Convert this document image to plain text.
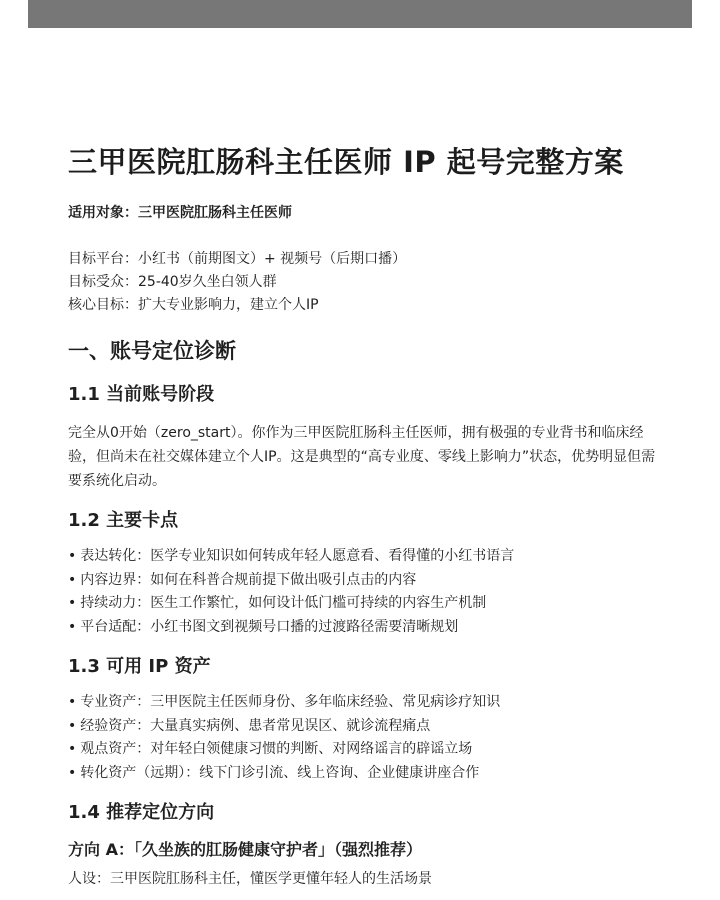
三甲医院肛肠科主任医师 IP 起号完整方案
适用对象：三甲医院肛肠科主任医师
目标平台：小红书（前期图文）+ 视频号（后期口播）
目标受众：25-40岁久坐白领人群
核心目标：扩大专业影响力，建立个人IP
一、账号定位诊断
1.1 当前账号阶段
完全从0开始（zero_start）。你作为三甲医院肛肠科主任医师，拥有极强的专业背书和临床经验，但尚未在社交媒体建立个人IP。这是典型的“高专业度、零线上影响力”状态，优势明显但需要系统化启动。
1.2 主要卡点
• 表达转化：医学专业知识如何转成年轻人愿意看、看得懂的小红书语言
• 内容边界：如何在科普合规前提下做出吸引点击的内容
• 持续动力：医生工作繁忙，如何设计低门槛可持续的内容生产机制
• 平台适配：小红书图文到视频号口播的过渡路径需要清晰规划
1.3 可用 IP 资产
• 专业资产：三甲医院主任医师身份、多年临床经验、常见病诊疗知识
• 经验资产：大量真实病例、患者常见误区、就诊流程痛点
• 观点资产：对年轻白领健康习惯的判断、对网络谣言的辟谣立场
• 转化资产（远期）：线下门诊引流、线上咨询、企业健康讲座合作
1.4 推荐定位方向
方向 A：「久坐族的肛肠健康守护者」（强烈推荐）
人设：三甲医院肛肠科主任，懂医学更懂年轻人的生活场景
